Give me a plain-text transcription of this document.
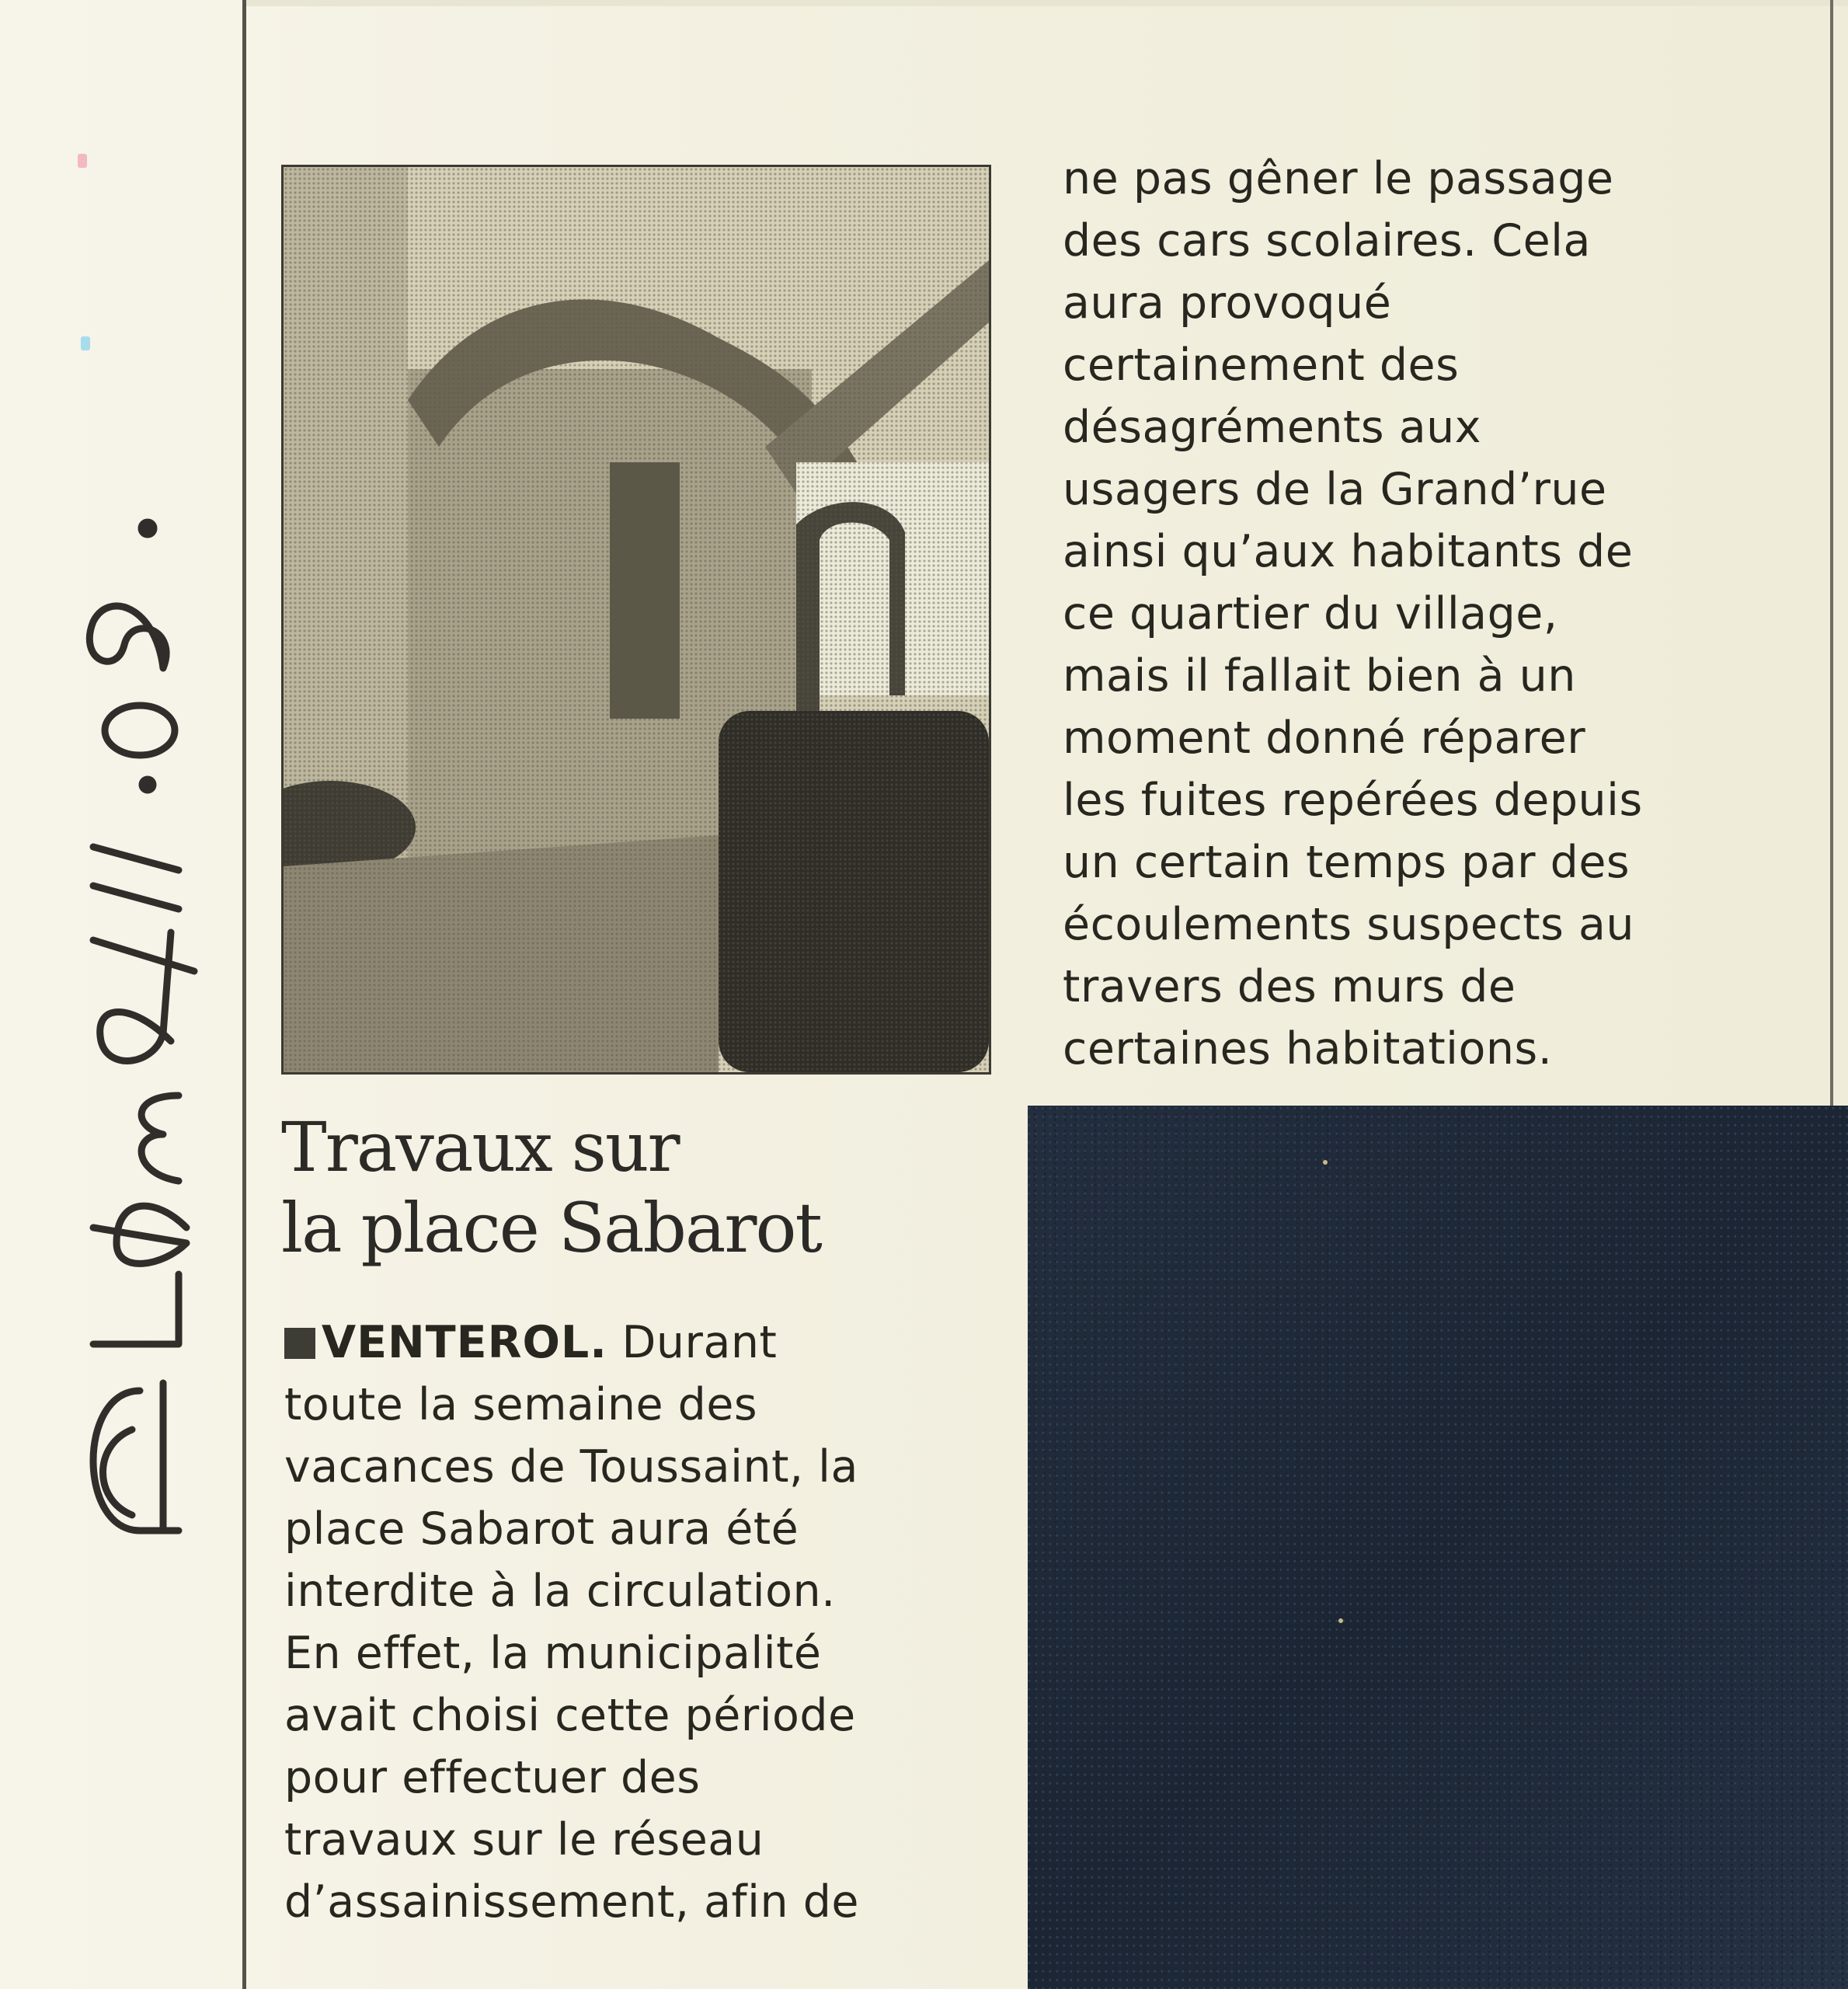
Travaux sur
la place Sabarot
VENTEROL. Durant
toute la semaine des
vacances de Toussaint, la
place Sabarot aura été
interdite à la circulation.
En effet, la municipalité
avait choisi cette période
pour effectuer des
travaux sur le réseau
d’assainissement, afin de
ne pas gêner le passage
des cars scolaires. Cela
aura provoqué
certainement des
désagréments aux
usagers de la Grand’rue
ainsi qu’aux habitants de
ce quartier du village,
mais il fallait bien à un
moment donné réparer
les fuites repérées depuis
un certain temps par des
écoulements suspects au
travers des murs de
certaines habitations.
